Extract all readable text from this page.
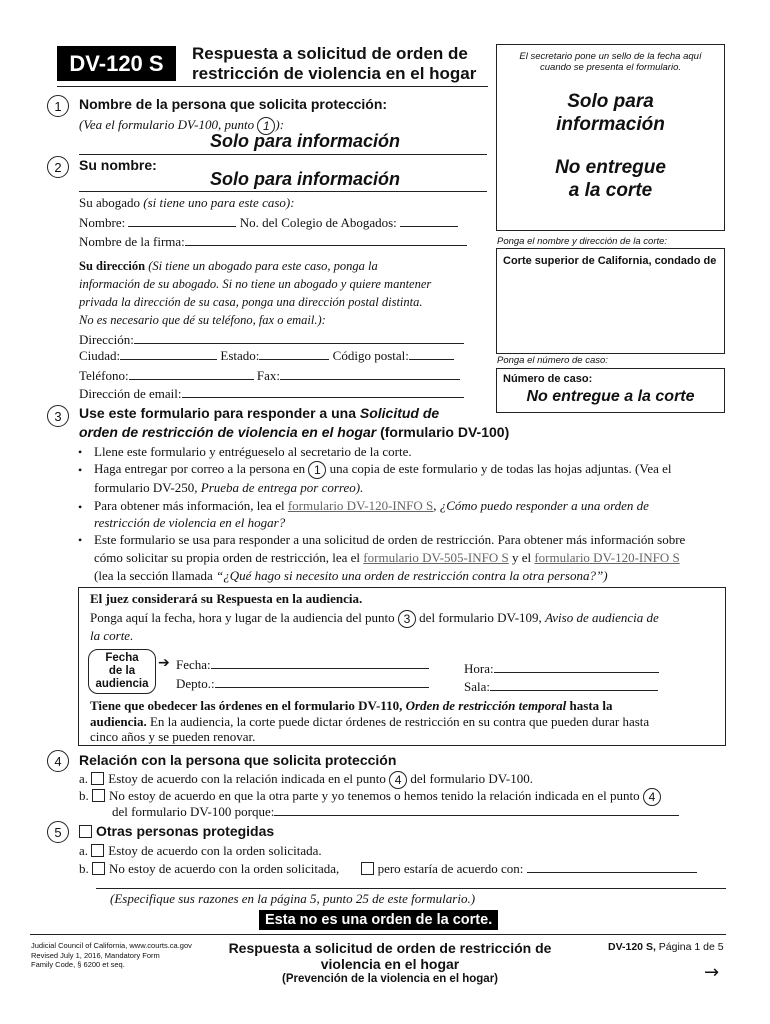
DV-120 S	Respuesta a solicitud de orden de
restricción de violencia en el hogar
El secretario pone un sello de la fecha aquí
cuando se presenta el formulario.
Solo para
información
No entregue
a la corte
Ponga el nombre y dirección de la corte:
Corte superior de California, condado de
Ponga el número de caso:
Número de caso:
No entregue a la corte
1	Nombre de la persona que solicita protección:
(Vea el formulario DV-100, punto 1 ):
Solo para información
2	Su nombre:
Solo para información
Su abogado (si tiene uno para este caso):
Nombre:	No. del Colegio de Abogados:
Nombre de la firma:
Su dirección (Si tiene un abogado para este caso, ponga la
información de su abogado. Si no tiene un abogado y quiere mantener
privada la dirección de su casa, ponga una dirección postal distinta.
No es necesario que dé su teléfono, fax o email.):
Dirección:
Ciudad:	Estado:	Código postal:
Teléfono:	Fax:
Dirección de email:
3	Use este formulario para responder a una Solicitud de
orden de restricción de violencia en el hogar (formulario DV-100)
• Llene este formulario y entrégueselo al secretario de la corte.
• Haga entregar por correo a la persona en 1 una copia de este formulario y de todas las hojas adjuntas. (Vea el
formulario DV-250, Prueba de entrega por correo).
• Para obtener más información, lea el formulario DV-120-INFO S, ¿Cómo puedo responder a una orden de
restricción de violencia en el hogar?
• Este formulario se usa para responder a una solicitud de orden de restricción. Para obtener más información sobre
cómo solicitar su propia orden de restricción, lea el formulario DV-505-INFO S y el formulario DV-120-INFO S
(lea la sección llamada “¿Qué hago si necesito una orden de restricción contra la otra persona?”)
El juez considerará su Respuesta en la audiencia.
Ponga aquí la fecha, hora y lugar de la audiencia del punto 3 del formulario DV-109, Aviso de audiencia de
la corte.
Fecha
de la
audiencia
➔ Fecha:
Depto.:
Hora:
Sala:
Tiene que obedecer las órdenes en el formulario DV-110, Orden de restricción temporal hasta la
audiencia. En la audiencia, la corte puede dictar órdenes de restricción en su contra que pueden durar hasta
cinco años y se pueden renovar.
4	Relación con la persona que solicita protección
a. Estoy de acuerdo con la relación indicada en el punto 4 del formulario DV-100.
b. No estoy de acuerdo en que la otra parte y yo tenemos o hemos tenido la relación indicada en el punto 4
del formulario DV-100 porque:
5	Otras personas protegidas
a. Estoy de acuerdo con la orden solicitada.
b. No estoy de acuerdo con la orden solicitada,	pero estaría de acuerdo con:
(Especifique sus razones en la página 5, punto 25 de este formulario.)
Esta no es una orden de la corte.
Judicial Council of California, www.courts.ca.gov
Revised July 1, 2016, Mandatory Form
Family Code, § 6200 et seq.
Respuesta a solicitud de orden de restricción de
violencia en el hogar
(Prevención de la violencia en el hogar)
DV-120 S, Página 1 de 5
→
